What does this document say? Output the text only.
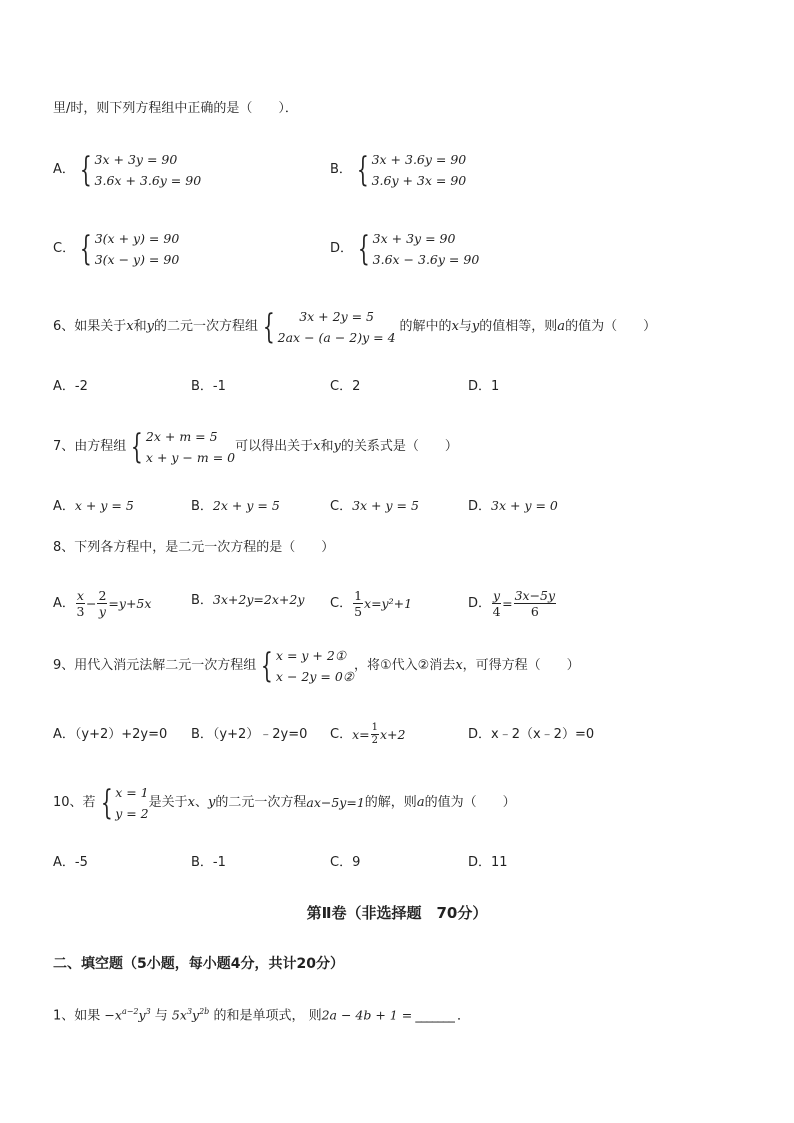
里/时，则下列方程组中正确的是（　　）．
A． { 3x + 3y = 90
3.6x + 3.6y = 90
B． { 3x + 3.6y = 90
3.6y + 3x = 90
C． { 3(x + y) = 90
3(x − y) = 90
D． { 3x + 3y = 90
3.6x − 3.6y = 90
6、如果关于 x 和 y 的二元一次方程组 {	3x + 2y = 5
2ax − (a − 2)y = 4
的解中的 x 与 y 的值相等，则 a 的值为（　　）
A．-2	B．-1	C．2	D．1
7、由方程组 { 2x + m = 5
x + y − m = 0
可以得出关于 x 和 y 的关系式是（　　）
A．x + y = 5	B．2x + y = 5	C．3x + y = 5	D．3x + y = 0
8、下列各方程中，是二元一次方程的是（　　）
A． $\frac{x}{3} - \frac{2}{y} =y+5x$	B．3x+2y=2x+2y C． $\frac{1}{5} x=y^2+1$	D． $\frac{y}{4} = \frac{3x-5y}{6}$
9、用代入消元法解二元一次方程组 { x = y + 2①
x − 2y = 0②
，将①代入②消去 x ，可得方程（　　）
A．（y+2）+2y=0 B．（y+2）﹣2y=0 C． $x= \frac{1}{2} x+2$	D．x﹣2（x﹣2）=0
10、若 { x = 1
y = 2
是关于 x 、 y 的二元一次方程 ax−5y=1 的解，则 a 的值为（　　）
A．-5	B．-1	C．9	D．11
第Ⅱ卷（非选择题　70分）
二、填空题（5小题，每小题4分，共计20分）
1、如果 $-x^{a-2}y^3$ 与 $5x^3y^{2b}$ 的和是单项式， 则2a − 4b + 1 = _______ ．
